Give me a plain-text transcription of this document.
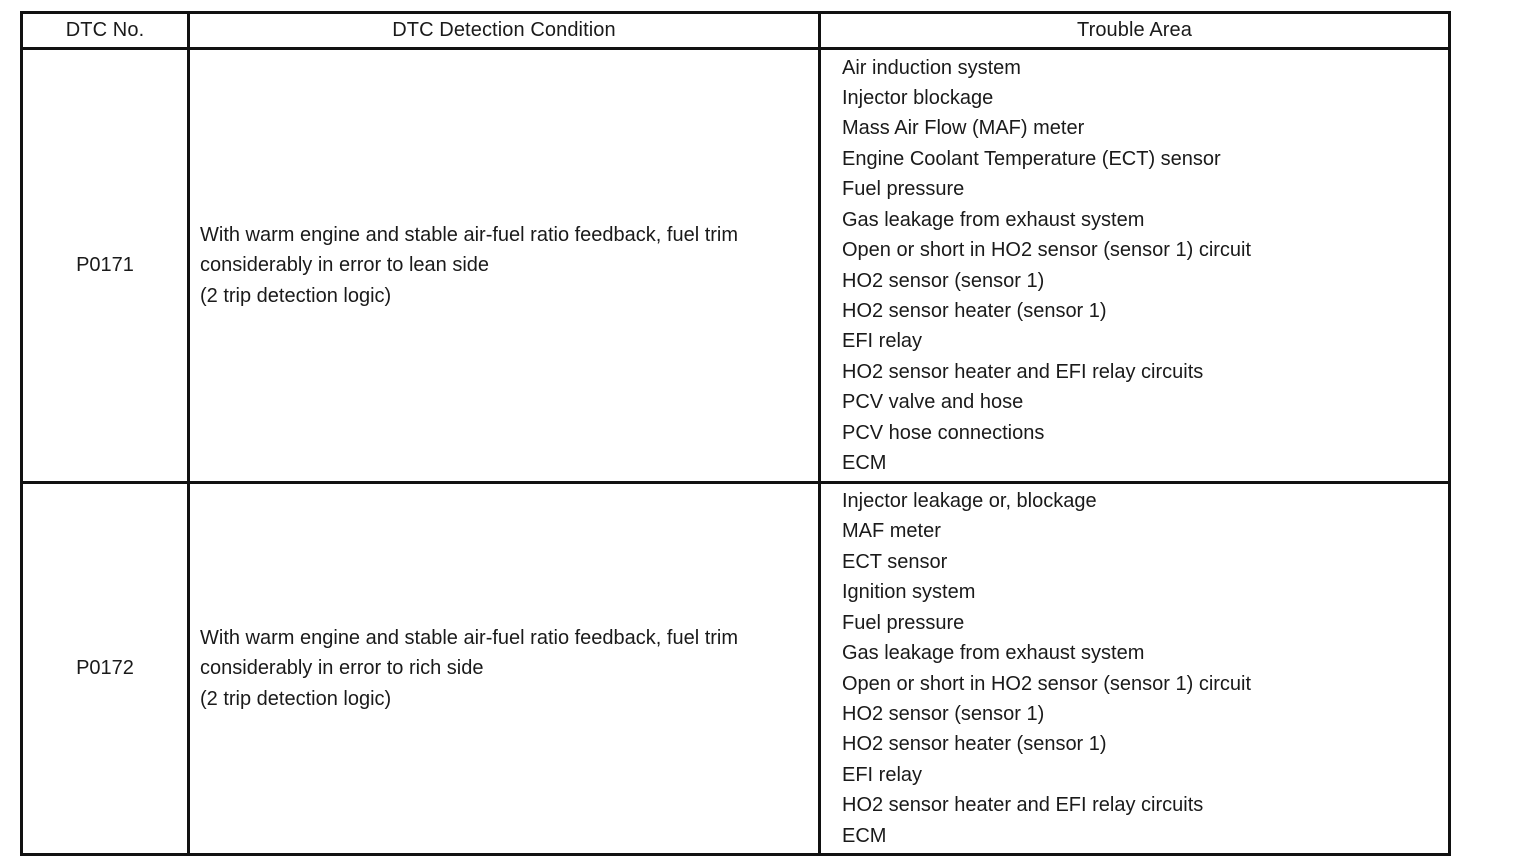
DTC No.	DTC Detection Condition	Trouble Area
P0171
With warm engine and stable air-fuel ratio feedback, fuel trim
considerably in error to lean side
(2 trip detection logic)
Air induction system
Injector blockage
Mass Air Flow (MAF) meter
Engine Coolant Temperature (ECT) sensor
Fuel pressure
Gas leakage from exhaust system
Open or short in HO2 sensor (sensor 1) circuit
HO2 sensor (sensor 1)
HO2 sensor heater (sensor 1)
EFI relay
HO2 sensor heater and EFI relay circuits
PCV valve and hose
PCV hose connections
ECM
P0172
With warm engine and stable air-fuel ratio feedback, fuel trim
considerably in error to rich side
(2 trip detection logic)
Injector leakage or, blockage
MAF meter
ECT sensor
Ignition system
Fuel pressure
Gas leakage from exhaust system
Open or short in HO2 sensor (sensor 1) circuit
HO2 sensor (sensor 1)
HO2 sensor heater (sensor 1)
EFI relay
HO2 sensor heater and EFI relay circuits
ECM
